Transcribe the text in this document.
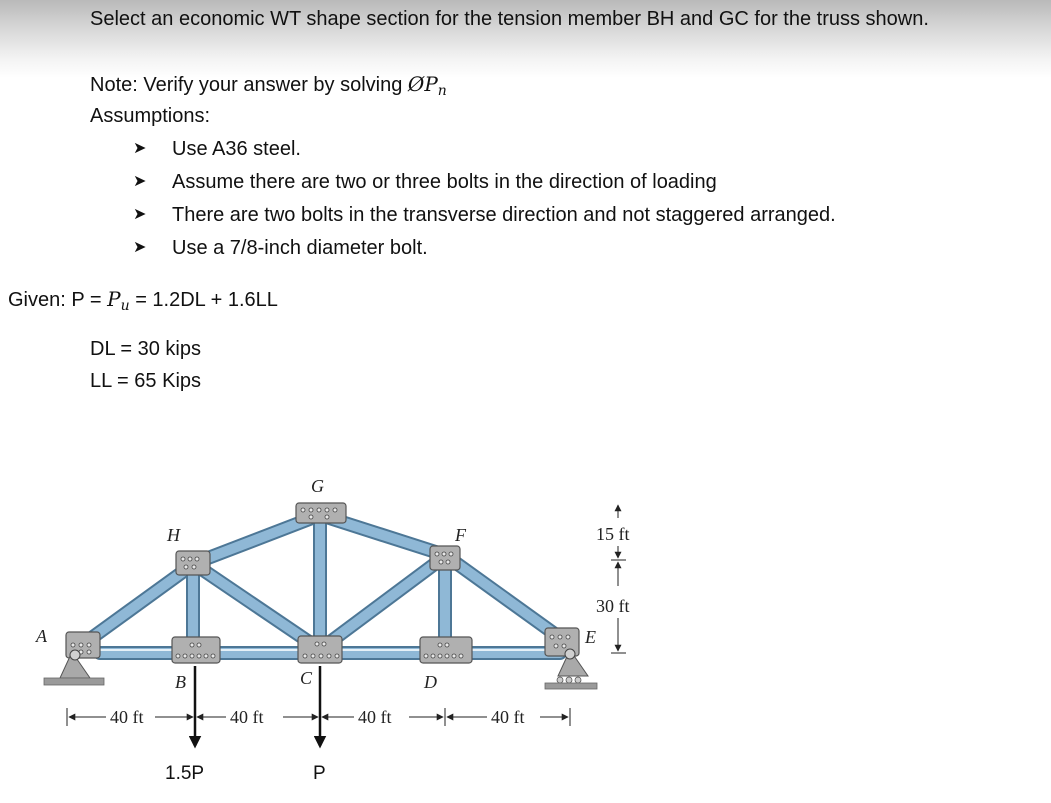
Select an economic WT shape section for the tension member BH and GC for the truss shown.
Note: Verify your answer by solving $ØP_n$
Assumptions:
➤ Use A36 steel.
➤ Assume there are two or three bolts in the direction of loading
➤ There are two bolts in the transverse direction and not staggered arranged.
➤ Use a 7/8-inch diameter bolt.
Given: $P = P_u = 1.2DL + 1.6LL$
DL = 30 kips
LL = 65 Kips
A
B	C	D
E
F
G
H
40 ft	40 ft	40 ft	40 ft
15 ft
30 ft
1.5P	P
